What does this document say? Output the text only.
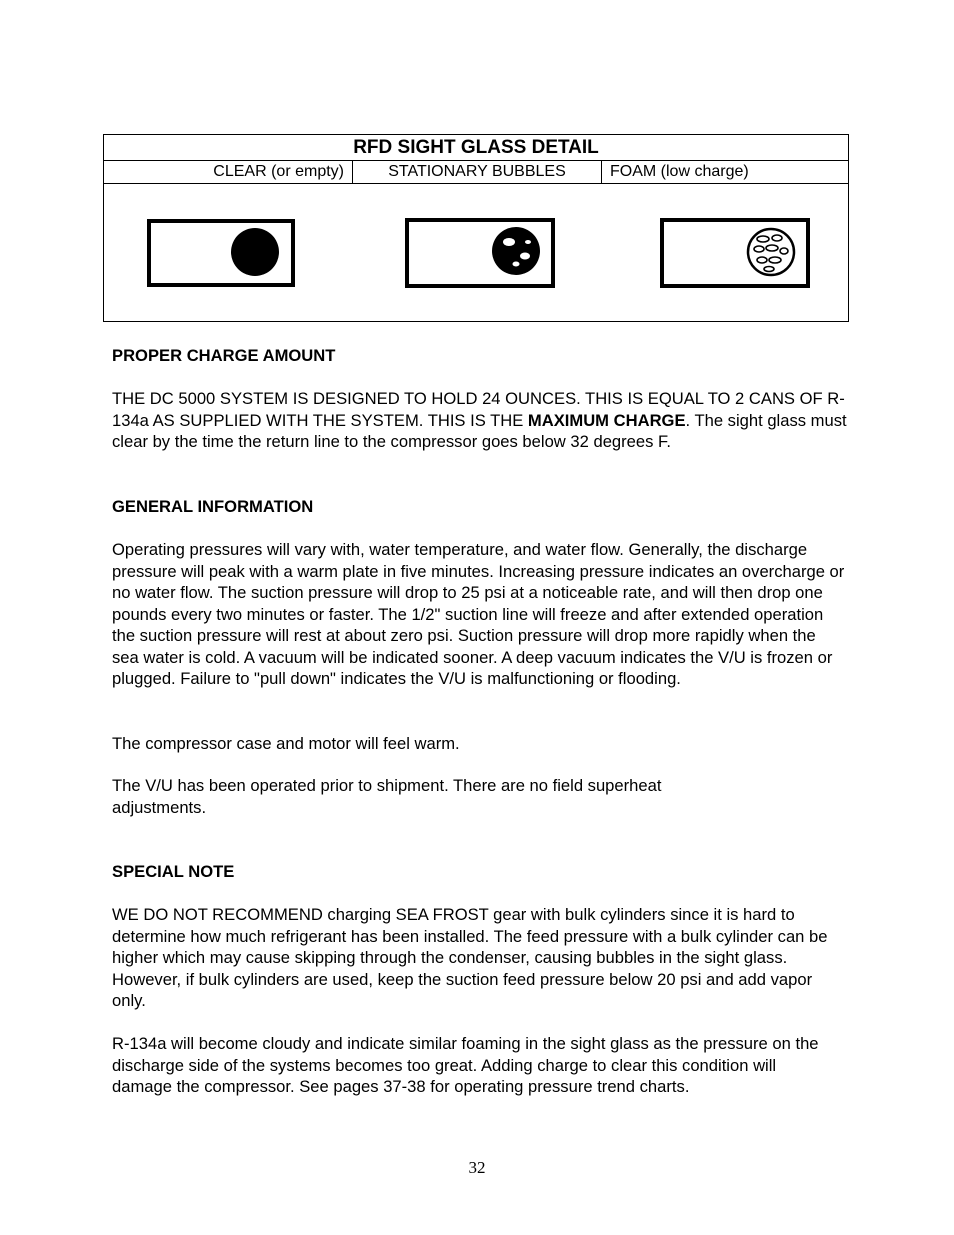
RFD SIGHT GLASS DETAIL
CLEAR (or empty)	STATIONARY BUBBLES	FOAM (low charge)
PROPER CHARGE AMOUNT
THE DC 5000 SYSTEM IS DESIGNED TO HOLD 24 OUNCES. THIS IS EQUAL TO 2 CANS OF R-134a AS SUPPLIED WITH THE SYSTEM. THIS IS THE MAXIMUM CHARGE. The sight glass must clear by the time the return line to the compressor goes below 32 degrees F.
GENERAL INFORMATION
Operating pressures will vary with, water temperature, and water flow. Generally, the discharge pressure will peak with a warm plate in five minutes. Increasing pressure indicates an overcharge or no water flow. The suction pressure will drop to 25 psi at a noticeable rate, and will then drop one pounds every two minutes or faster. The 1/2" suction line will freeze and after extended operation the suction pressure will rest at about zero psi. Suction pressure will drop more rapidly when the sea water is cold. A vacuum will be indicated sooner. A deep vacuum indicates the V/U is frozen or plugged. Failure to "pull down" indicates the V/U is malfunctioning or flooding.
The compressor case and motor will feel warm.
The V/U has been operated prior to shipment. There are no field superheat adjustments.
SPECIAL NOTE
WE DO NOT RECOMMEND charging SEA FROST gear with bulk cylinders since it is hard to determine how much refrigerant has been installed. The feed pressure with a bulk cylinder can be higher which may cause skipping through the condenser, causing bubbles in the sight glass. However, if bulk cylinders are used, keep the suction feed pressure below 20 psi and add vapor only.
R-134a will become cloudy and indicate similar foaming in the sight glass as the pressure on the discharge side of the systems becomes too great. Adding charge to clear this condition will damage the compressor. See pages 37-38 for operating pressure trend charts.
32
